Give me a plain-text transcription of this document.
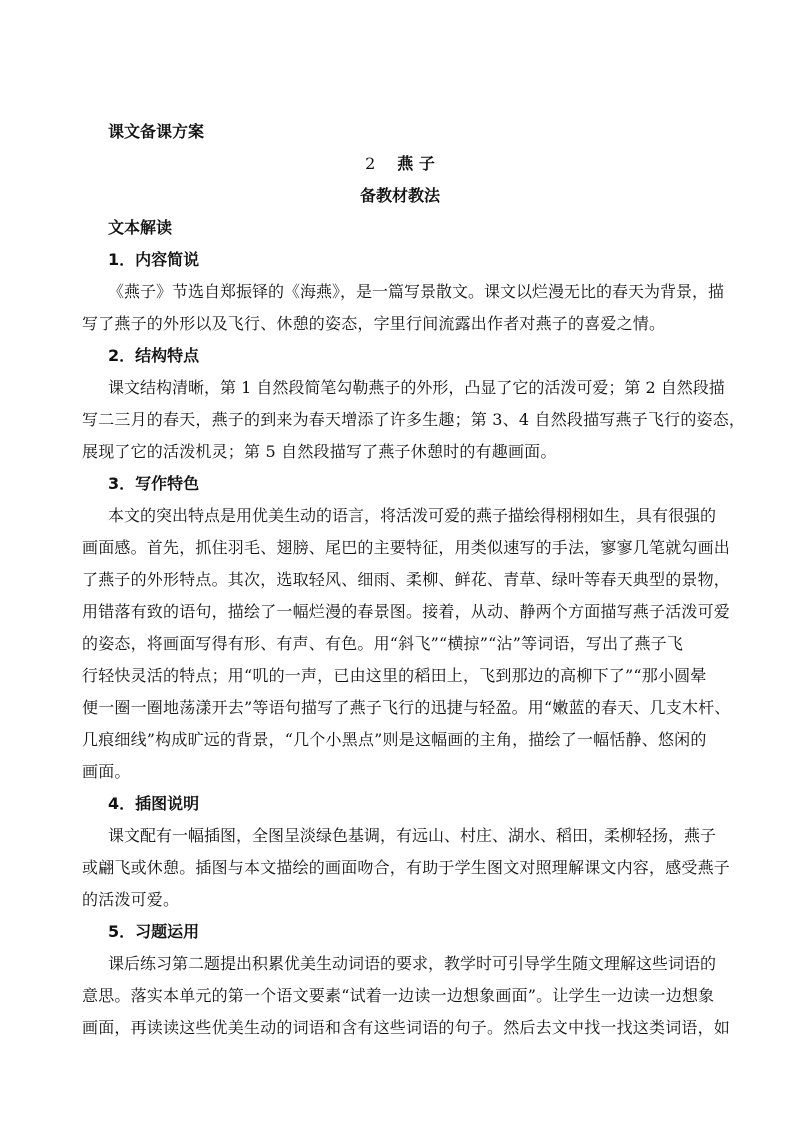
课文备课方案
2 燕 子
备教材教法
文本解读
1．内容简说
《燕子》节选自郑振铎的《海燕》，是一篇写景散文。课文以烂漫无比的春天为背景，描
写了燕子的外形以及飞行、休憩的姿态，字里行间流露出作者对燕子的喜爱之情。
2．结构特点
课文结构清晰，第 1 自然段简笔勾勒燕子的外形，凸显了它的活泼可爱；第 2 自然段描
写二三月的春天，燕子的到来为春天增添了许多生趣；第 3、4 自然段描写燕子飞行的姿态，
展现了它的活泼机灵；第 5 自然段描写了燕子休憩时的有趣画面。
3．写作特色
本文的突出特点是用优美生动的语言，将活泼可爱的燕子描绘得栩栩如生，具有很强的
画面感。首先，抓住羽毛、翅膀、尾巴的主要特征，用类似速写的手法，寥寥几笔就勾画出
了燕子的外形特点。其次，选取轻风、细雨、柔柳、鲜花、青草、绿叶等春天典型的景物，
用错落有致的语句，描绘了一幅烂漫的春景图。接着，从动、静两个方面描写燕子活泼可爱
的姿态，将画面写得有形、有声、有色。用“斜飞”“横掠”“沾”等词语，写出了燕子飞
行轻快灵活的特点；用“叽的一声，已由这里的稻田上，飞到那边的高柳下了”“那小圆晕
便一圈一圈地荡漾开去”等语句描写了燕子飞行的迅捷与轻盈。用“嫩蓝的春天、几支木杆、
几痕细线”构成旷远的背景，“几个小黑点”则是这幅画的主角，描绘了一幅恬静、悠闲的
画面。
4．插图说明
课文配有一幅插图，全图呈淡绿色基调，有远山、村庄、湖水、稻田，柔柳轻扬，燕子
或翩飞或休憩。插图与本文描绘的画面吻合，有助于学生图文对照理解课文内容，感受燕子
的活泼可爱。
5．习题运用
课后练习第二题提出积累优美生动词语的要求，教学时可引导学生随文理解这些词语的
意思。落实本单元的第一个语文要素“试着一边读一边想象画面”。让学生一边读一边想象
画面，再读读这些优美生动的词语和含有这些词语的句子。然后去文中找一找这类词语，如
